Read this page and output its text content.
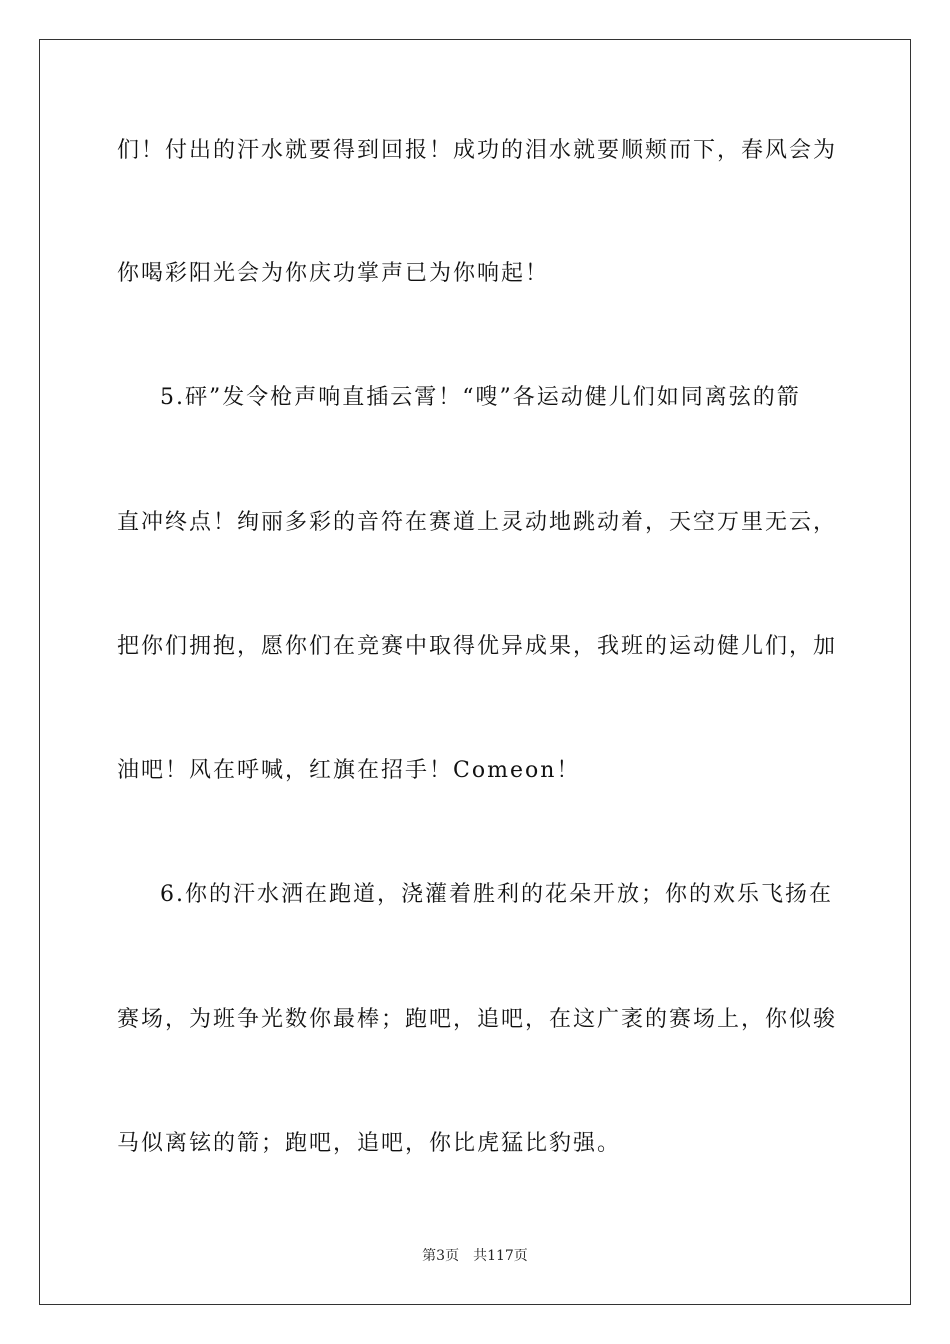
们！付出的汗水就要得到回报！成功的泪水就要顺颊而下，春风会为
你喝彩阳光会为你庆功掌声已为你响起！
5.砰”发令枪声响直插云霄！“嗖”各运动健儿们如同离弦的箭
直冲终点！绚丽多彩的音符在赛道上灵动地跳动着，天空万里无云，
把你们拥抱，愿你们在竞赛中取得优异成果，我班的运动健儿们，加
油吧！风在呼喊，红旗在招手！Comeon！
6.你的汗水洒在跑道，浇灌着胜利的花朵开放；你的欢乐飞扬在
赛场，为班争光数你最棒；跑吧，追吧，在这广袤的赛场上，你似骏
马似离铉的箭；跑吧，追吧，你比虎猛比豹强。
第3页　共117页
